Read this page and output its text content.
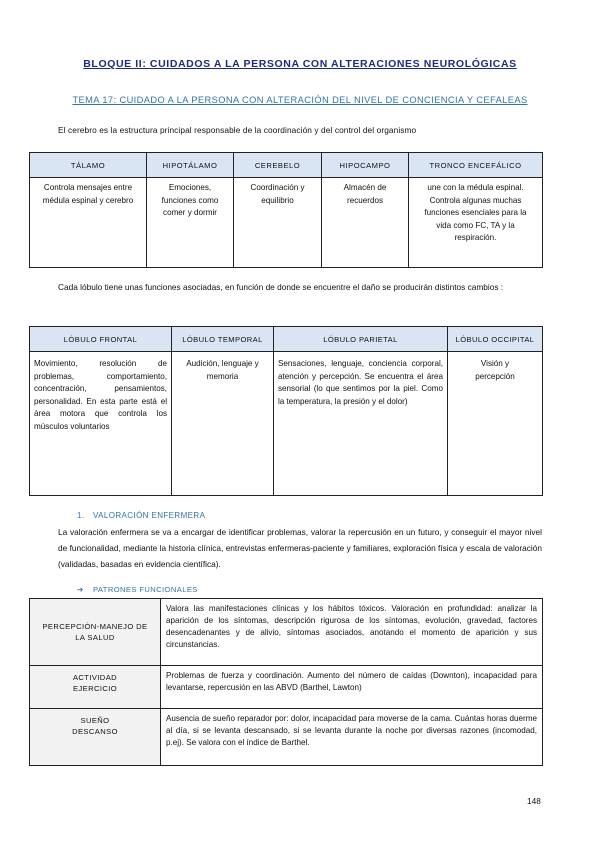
BLOQUE II: CUIDADOS A LA PERSONA CON ALTERACIONES NEUROLÓGICAS
TEMA 17: CUIDADO A LA PERSONA CON ALTERACIÓN DEL NIVEL DE CONCIENCIA Y CEFALEAS
El cerebro es la estructura principal responsable de la coordinación y del control del organismo
TÁLAMO	HIPOTÁLAMO	CEREBELO	HIPOCAMPO	TRONCO ENCEFÁLICO
Controla mensajes entre médula espinal y cerebro	Emociones, funciones como comer y dormir	Coordinación y equilibrio	Almacén de recuerdos	une con la médula espinal. Controla algunas muchas funciones esenciales para la vida como FC, TA y la respiración.
Cada lóbulo tiene unas funciones asociadas, en función de donde se encuentre el daño se producirán distintos cambios :
LÓBULO FRONTAL	LÓBULO TEMPORAL	LÓBULO PARIETAL	LÓBULO OCCIPITAL
Movimiento, resolución de problemas, comportamiento, concentración, pensamientos, personalidad. En esta parte está el área motora que controla los músculos voluntarios	Audición, lenguaje y memoria	Sensaciones, lenguaje, conciencia corporal, atención y percepción. Se encuentra el área sensorial (lo que sentimos por la piel. Como la temperatura, la presión y el dolor)	Visión y percepción
1. VALORACIÓN ENFERMERA
La valoración enfermera se va a encargar de identificar problemas, valorar la repercusión en un futuro, y conseguir el mayor nivel de funcionalidad, mediante la historia clínica, entrevistas enfermeras-paciente y familiares, exploración física y escala de valoración (validadas, basadas en evidencia científica).
➔ PATRONES FUNCIONALES
PERCEPCIÓN-MANEJO DE
LA SALUD	Valora las manifestaciones clínicas y los hábitos tóxicos. Valoración en profundidad: analizar la aparición de los síntomas, descripción rigurosa de los síntomas, evolución, gravedad, factores desencadenantes y de alivio, síntomas asociados, anotando el momento de aparición y sus circunstancias.

ACTIVIDAD
EJERCICIO	Problemas de fuerza y coordinación. Aumento del número de caídas (Downton), incapacidad para levantarse, repercusión en las ABVD (Barthel, Lawton)

SUEÑO
DESCANSO	Ausencia de sueño reparador por: dolor, incapacidad para moverse de la cama. Cuántas horas duerme al día, si se levanta descansado, si se levanta durante la noche por diversas razones (incomodad, p.ej). Se valora con el índice de Barthel.
148
